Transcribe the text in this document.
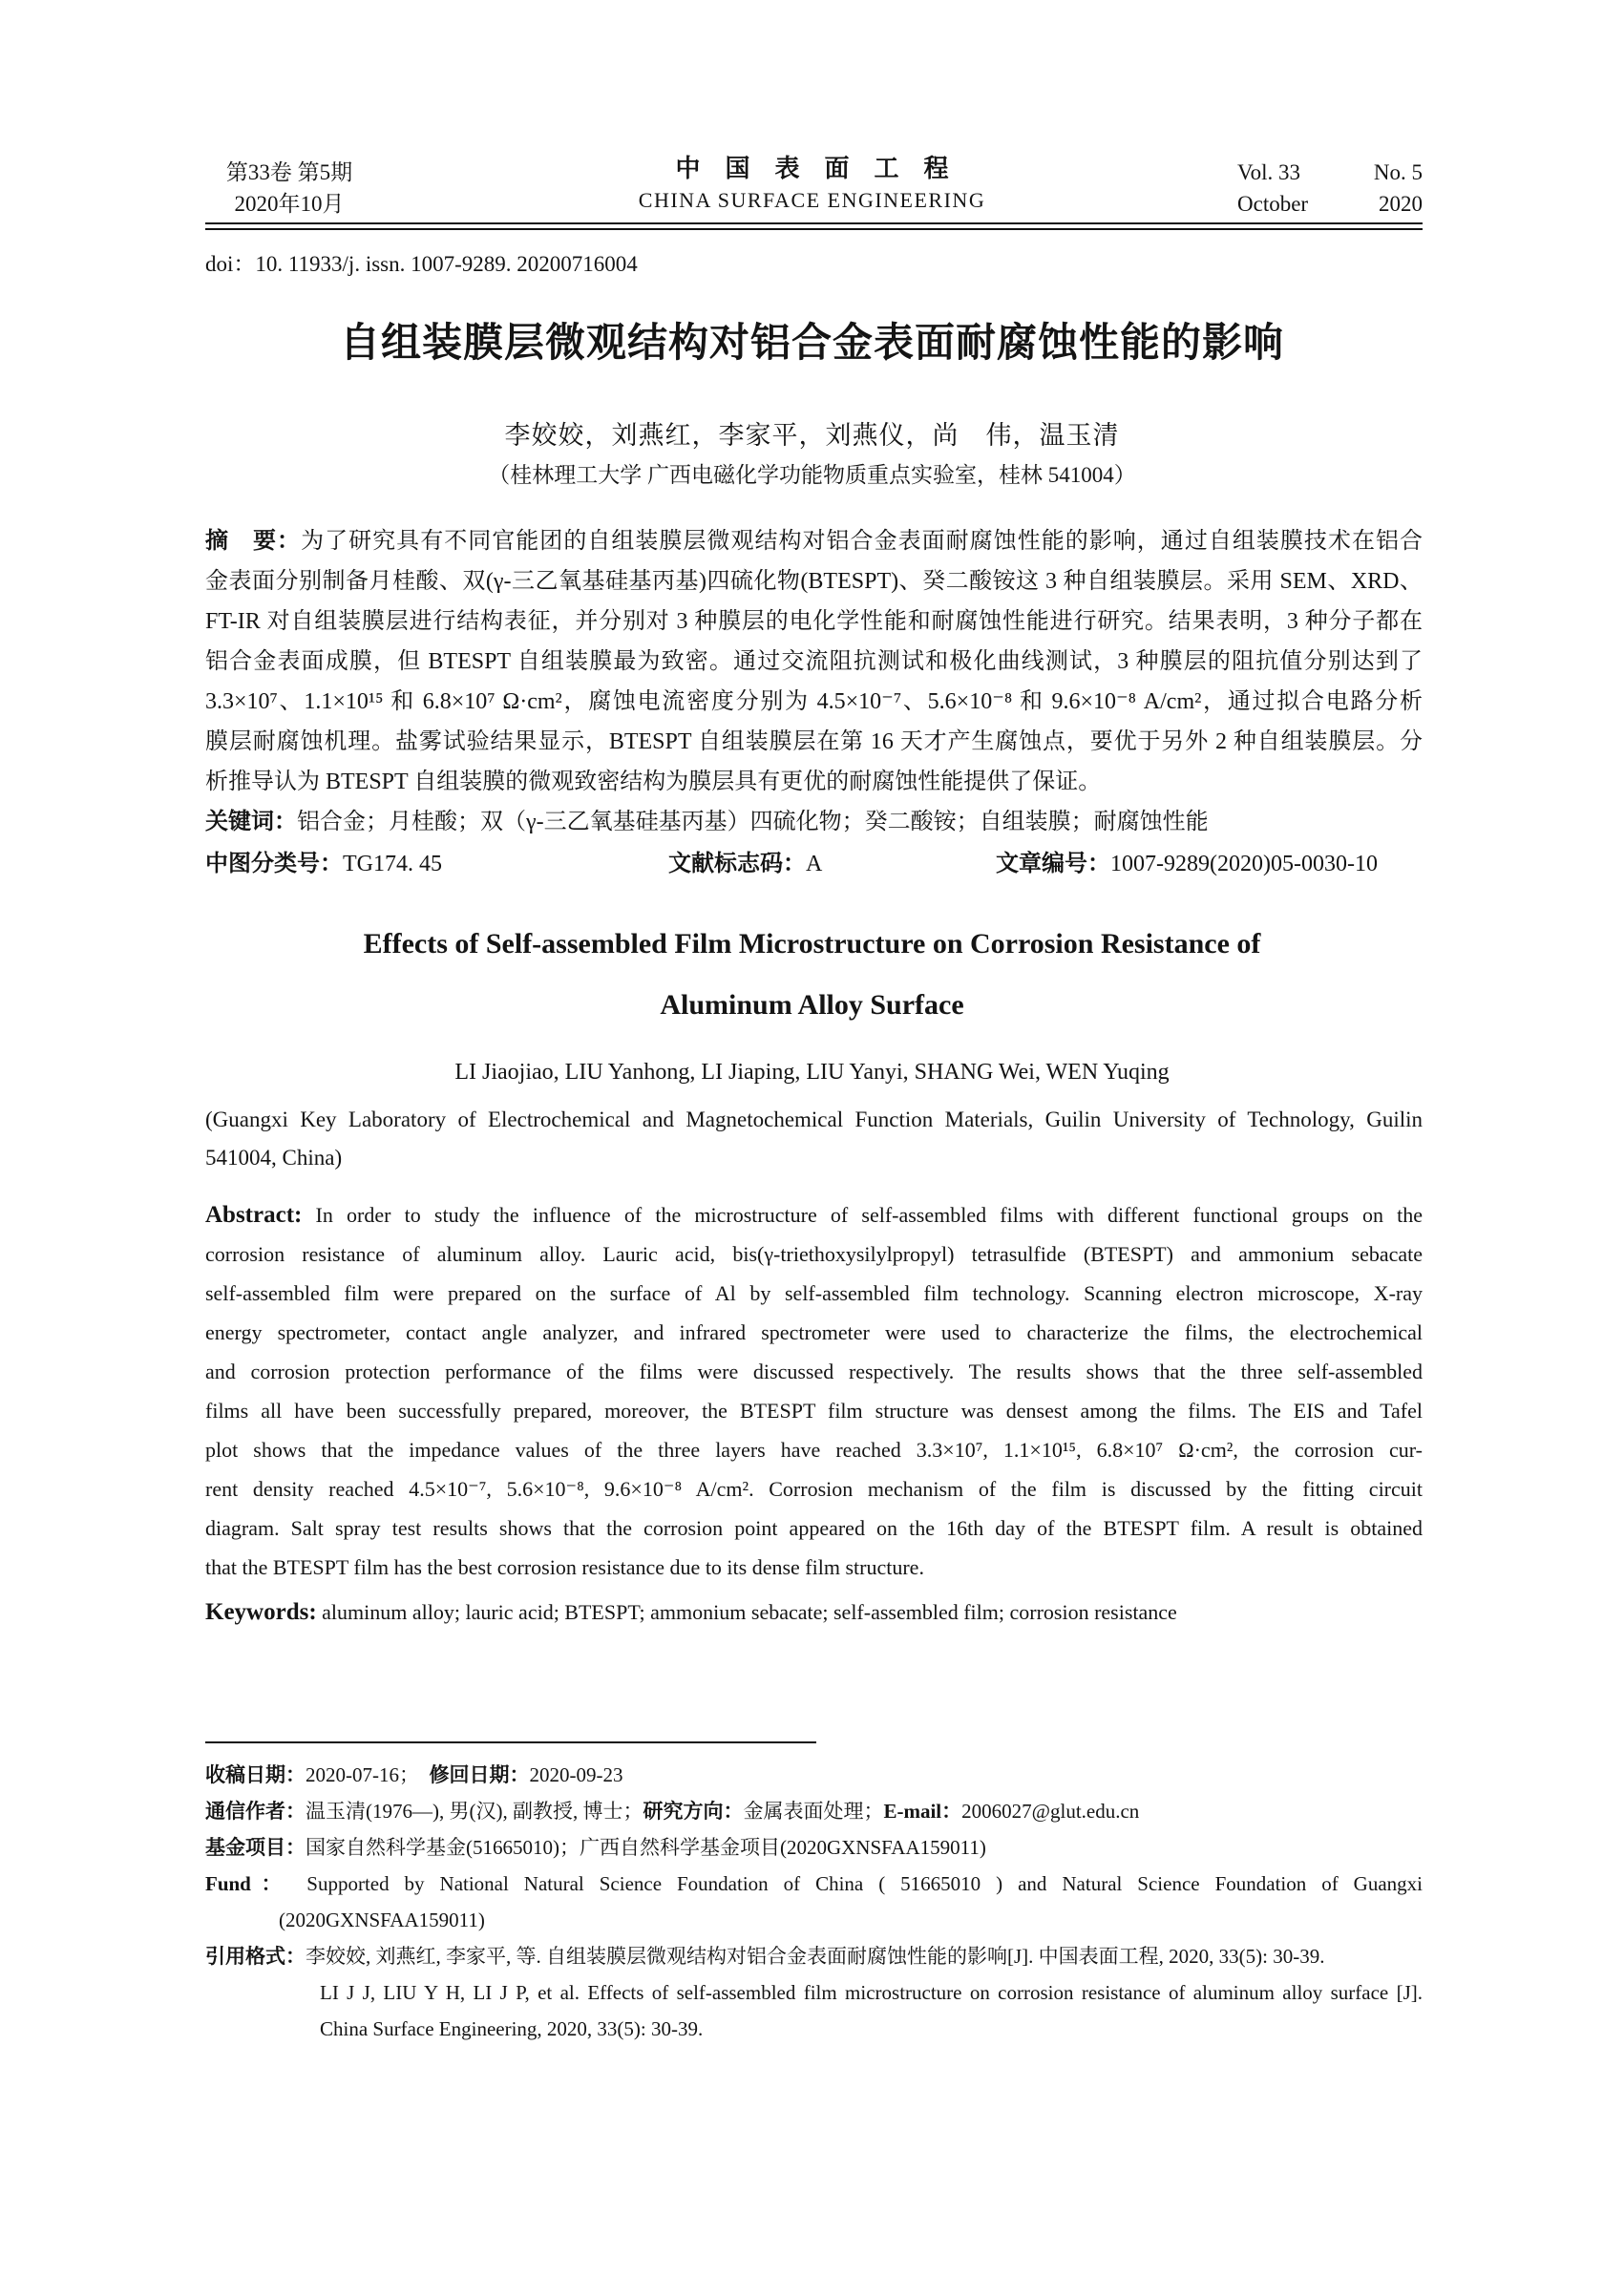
第33卷 第5期
2020年10月
中国表面工程
CHINA SURFACE ENGINEERING
Vol. 33	No. 5
October	2020
doi：10. 11933/j. issn. 1007-9289. 20200716004
自组装膜层微观结构对铝合金表面耐腐蚀性能的影响
李姣姣，刘燕红，李家平，刘燕仪，尚　伟，温玉清
（桂林理工大学 广西电磁化学功能物质重点实验室，桂林 541004）
摘　要：为了研究具有不同官能团的自组装膜层微观结构对铝合金表面耐腐蚀性能的影响，通过自组装膜技术在铝合
金表面分别制备月桂酸、双(γ-三乙氧基硅基丙基)四硫化物(BTESPT)、癸二酸铵这 3 种自组装膜层。采用 SEM、XRD、
FT-IR 对自组装膜层进行结构表征，并分别对 3 种膜层的电化学性能和耐腐蚀性能进行研究。结果表明，3 种分子都在
铝合金表面成膜，但 BTESPT 自组装膜最为致密。通过交流阻抗测试和极化曲线测试，3 种膜层的阻抗值分别达到了
3.3×10⁷、1.1×10¹⁵ 和 6.8×10⁷ Ω·cm²，腐蚀电流密度分别为 4.5×10⁻⁷、5.6×10⁻⁸ 和 9.6×10⁻⁸ A/cm²，通过拟合电路分析
膜层耐腐蚀机理。盐雾试验结果显示，BTESPT 自组装膜层在第 16 天才产生腐蚀点，要优于另外 2 种自组装膜层。分
析推导认为 BTESPT 自组装膜的微观致密结构为膜层具有更优的耐腐蚀性能提供了保证。
关键词：铝合金；月桂酸；双（γ-三乙氧基硅基丙基）四硫化物；癸二酸铵；自组装膜；耐腐蚀性能
中图分类号：TG174. 45	文献标志码：A	文章编号：1007-9289(2020)05-0030-10
Effects of Self-assembled Film Microstructure on Corrosion Resistance of
Aluminum Alloy Surface
LI Jiaojiao, LIU Yanhong, LI Jiaping, LIU Yanyi, SHANG Wei, WEN Yuqing
(Guangxi Key Laboratory of Electrochemical and Magnetochemical Function Materials, Guilin University of Technology, Guilin
541004, China)
Abstract: In order to study the influence of the microstructure of self-assembled films with different functional groups on the
corrosion resistance of aluminum alloy. Lauric acid, bis(γ-triethoxysilylpropyl) tetrasulfide (BTESPT) and ammonium sebacate
self-assembled film were prepared on the surface of Al by self-assembled film technology. Scanning electron microscope, X-ray
energy spectrometer, contact angle analyzer, and infrared spectrometer were used to characterize the films, the electrochemical
and corrosion protection performance of the films were discussed respectively. The results shows that the three self-assembled
films all have been successfully prepared, moreover, the BTESPT film structure was densest among the films. The EIS and Tafel
plot shows that the impedance values of the three layers have reached 3.3×10⁷, 1.1×10¹⁵, 6.8×10⁷ Ω·cm², the corrosion cur-
rent density reached 4.5×10⁻⁷, 5.6×10⁻⁸, 9.6×10⁻⁸ A/cm². Corrosion mechanism of the film is discussed by the fitting circuit
diagram. Salt spray test results shows that the corrosion point appeared on the 16th day of the BTESPT film. A result is obtained
that the BTESPT film has the best corrosion resistance due to its dense film structure.
Keywords: aluminum alloy; lauric acid; BTESPT; ammonium sebacate; self-assembled film; corrosion resistance
收稿日期：2020-07-16；　修回日期：2020-09-23
通信作者：温玉清(1976—), 男(汉), 副教授, 博士；研究方向：金属表面处理；E-mail：2006027@glut.edu.cn
基金项目：国家自然科学基金(51665010)；广西自然科学基金项目(2020GXNSFAA159011)
Fund： Supported by National Natural Science Foundation of China ( 51665010 ) and Natural Science Foundation of Guangxi
(2020GXNSFAA159011)
引用格式：李姣姣, 刘燕红, 李家平, 等. 自组装膜层微观结构对铝合金表面耐腐蚀性能的影响[J]. 中国表面工程, 2020, 33(5): 30-39.
LI J J, LIU Y H, LI J P, et al. Effects of self-assembled film microstructure on corrosion resistance of aluminum alloy surface [J].
China Surface Engineering, 2020, 33(5): 30-39.
